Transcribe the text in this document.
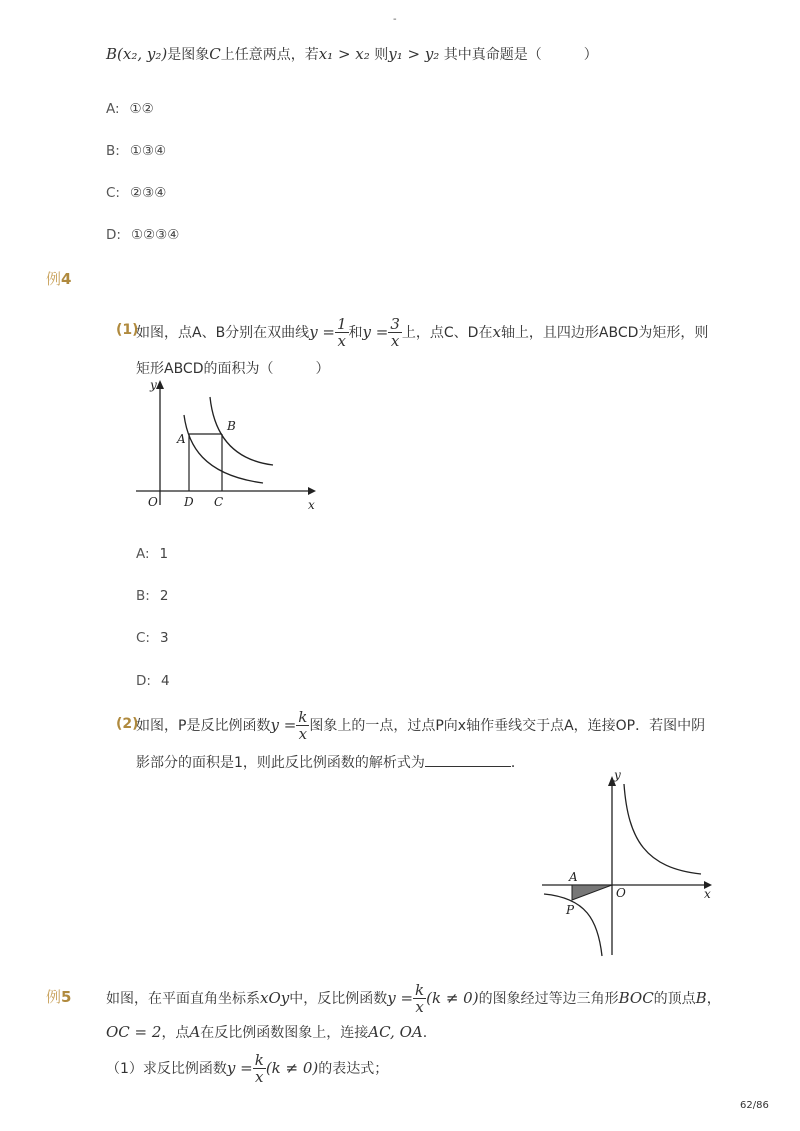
-
B(x₂, y₂)是图象C上任意两点，若x₁ > x₂ 则y₁ > y₂ 其中真命题是（　　　）
A: ①②
B: ①③④
C: ②③④
D: ①②③④
例4
(1)
如图，点A、B分别在双曲线 $y = \frac{1}{x}$ 和 $y = \frac{3}{x}$ 上，点C、D在 x 轴上，且四边形ABCD为矩形，则
矩形ABCD的面积为（　　　）
y
x
O
A
B
C
D
A: 1
B: 2
C: 3
D: 4
(2)
如图，P是反比例函数 $y = \frac{k}{x}$ 图象上的一点，过点P向x轴作垂线交于点A，连接OP．若图中阴
影部分的面积是1，则此反比例函数的解析式为	．
y
x
O
A
P
例5 如图，在平面直角坐标系 xOy 中，反比例函数 $y = \frac{k}{x} (k \ne 0)$ 的图象经过等边三角形 BOC 的顶点 B ，
OC = 2，点A在反比例函数图象上，连接AC, OA.
（1）求反比例函数 $y = \frac{k}{x} (k \ne 0)$ 的表达式；
62/86
